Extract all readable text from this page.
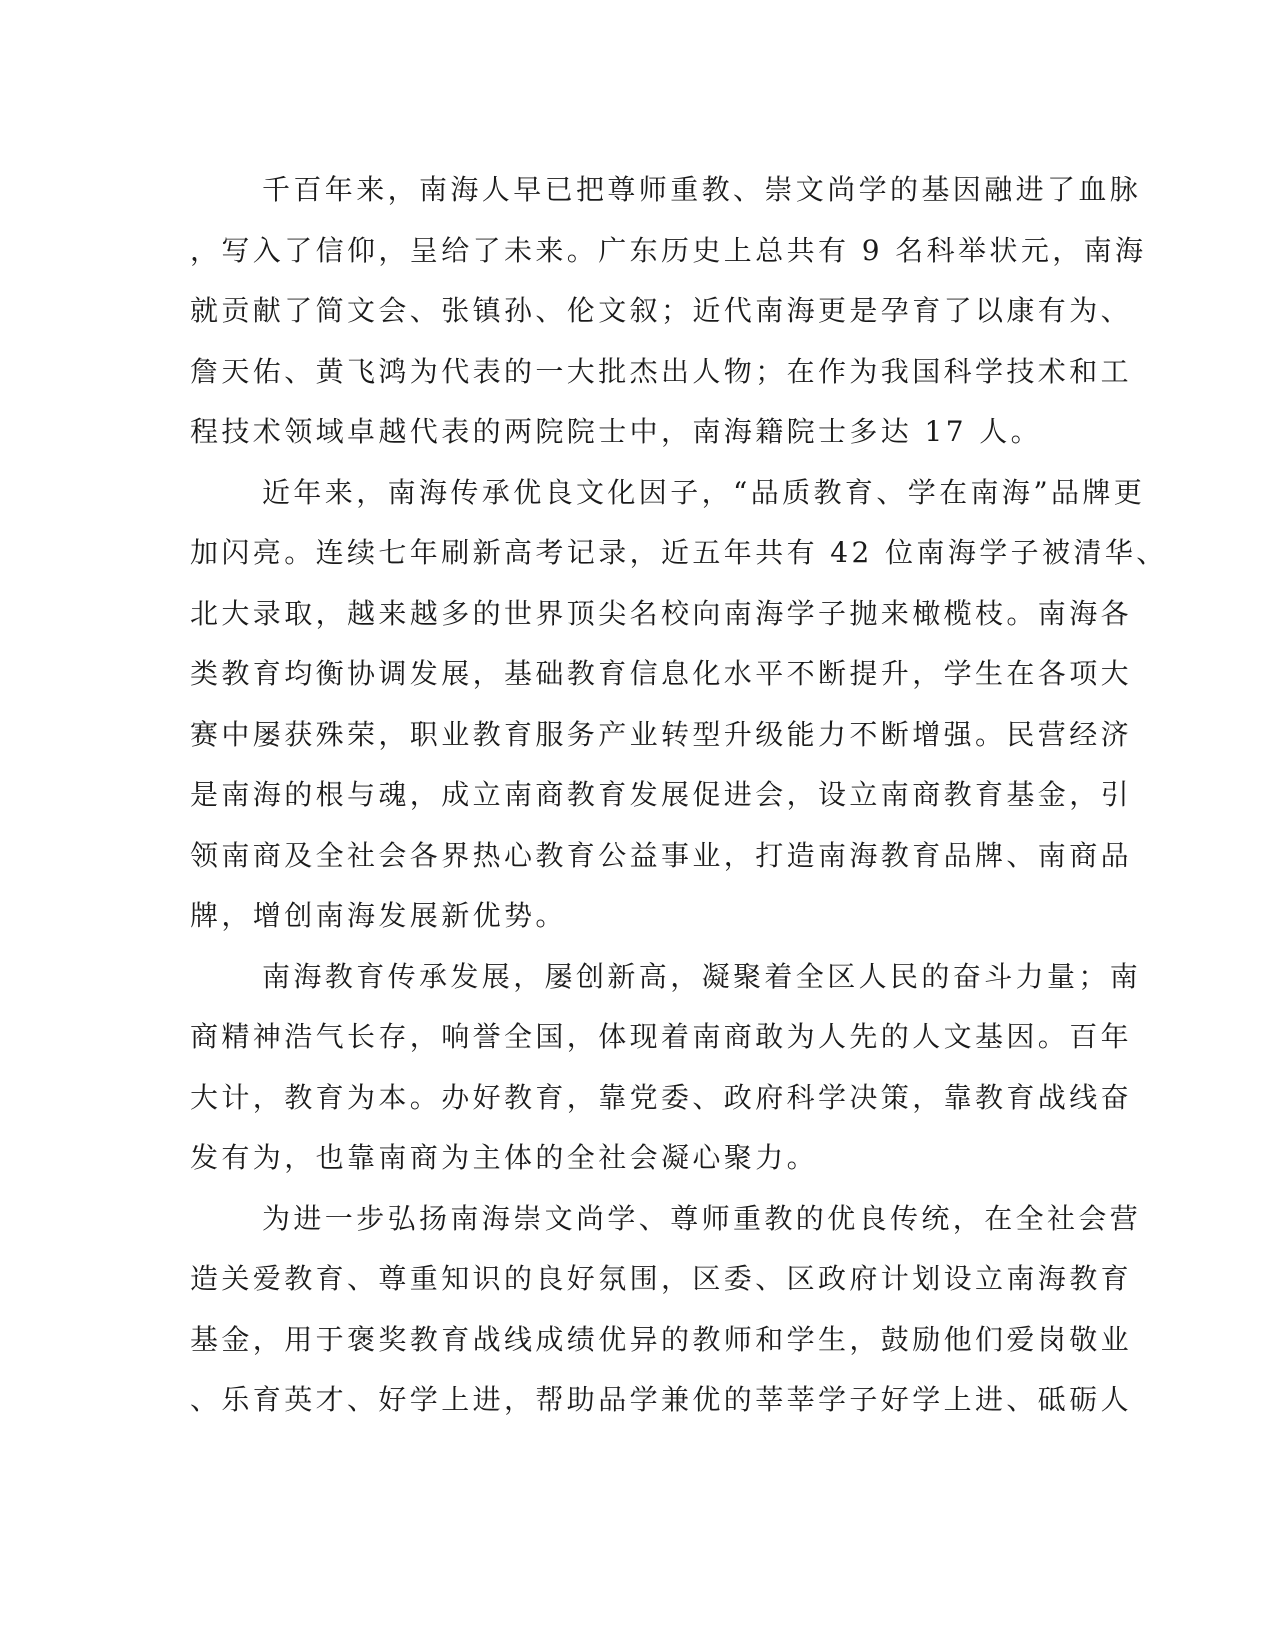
千百年来，南海人早已把尊师重教、崇文尚学的基因融进了血脉
，写入了信仰，呈给了未来。广东历史上总共有 9 名科举状元，南海
就贡献了简文会、张镇孙、伦文叙；近代南海更是孕育了以康有为、
詹天佑、黄飞鸿为代表的一大批杰出人物；在作为我国科学技术和工
程技术领域卓越代表的两院院士中，南海籍院士多达 17 人。

近年来，南海传承优良文化因子，“品质教育、学在南海”品牌更
加闪亮。连续七年刷新高考记录，近五年共有 42 位南海学子被清华、
北大录取，越来越多的世界顶尖名校向南海学子抛来橄榄枝。南海各
类教育均衡协调发展，基础教育信息化水平不断提升，学生在各项大
赛中屡获殊荣，职业教育服务产业转型升级能力不断增强。民营经济
是南海的根与魂，成立南商教育发展促进会，设立南商教育基金，引
领南商及全社会各界热心教育公益事业，打造南海教育品牌、南商品
牌，增创南海发展新优势。

南海教育传承发展，屡创新高，凝聚着全区人民的奋斗力量；南
商精神浩气长存，响誉全国，体现着南商敢为人先的人文基因。百年
大计，教育为本。办好教育，靠党委、政府科学决策，靠教育战线奋
发有为，也靠南商为主体的全社会凝心聚力。

为进一步弘扬南海崇文尚学、尊师重教的优良传统，在全社会营
造关爱教育、尊重知识的良好氛围，区委、区政府计划设立南海教育
基金，用于褒奖教育战线成绩优异的教师和学生，鼓励他们爱岗敬业
、乐育英才、好学上进，帮助品学兼优的莘莘学子好学上进、砥砺人
